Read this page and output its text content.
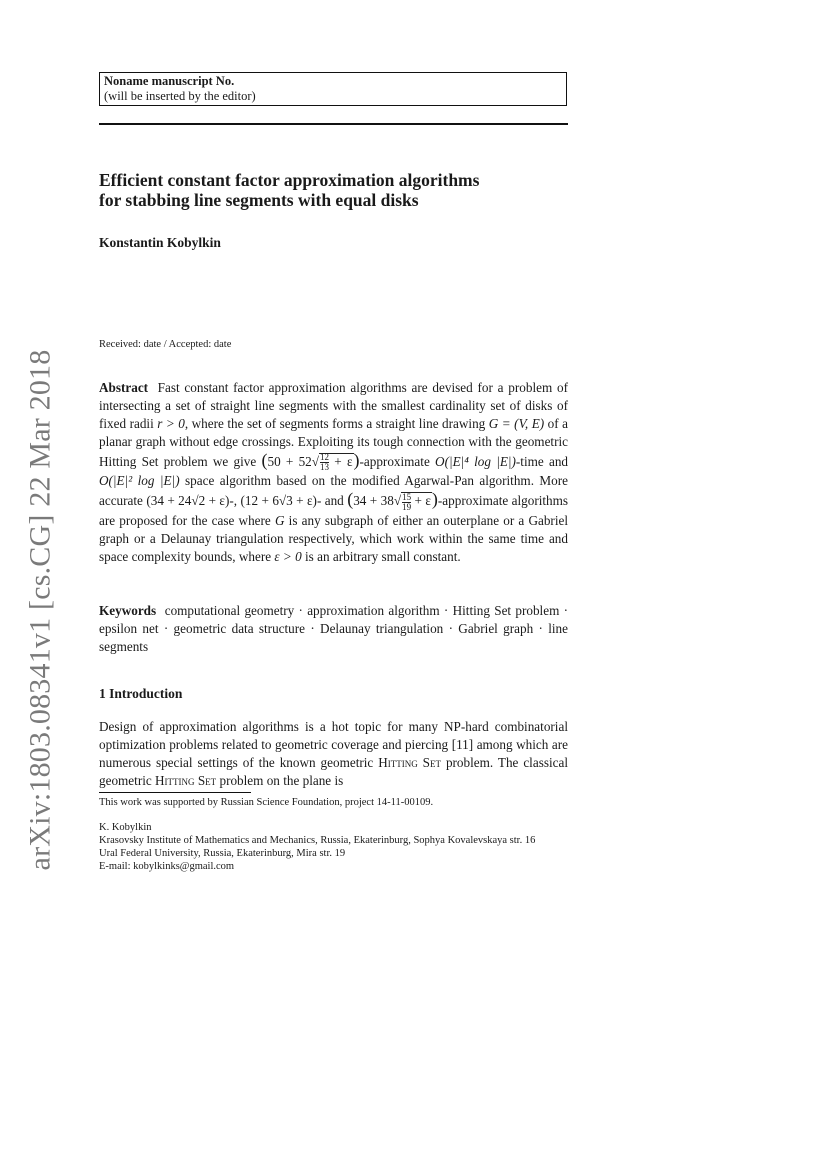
arXiv:1803.08341v1 [cs.CG] 22 Mar 2018
Noname manuscript No.
(will be inserted by the editor)
Efficient constant factor approximation algorithms
for stabbing line segments with equal disks
Konstantin Kobylkin
Received: date / Accepted: date

Abstract Fast constant factor approximation algorithms are devised for a problem of intersecting a set of straight line segments with the smallest cardinality set of disks of fixed radii r > 0, where the set of segments forms a straight line drawing G = (V, E) of a planar graph without edge crossings. Exploiting its tough connection with the geometric Hitting Set problem we give ($50 + 52√ \frac{12}{13}$ + ε)-approximate O(|E|⁴ log |E|)-time and O(|E|² log |E|) space algorithm based on the modified Agarwal-Pan algorithm. More accurate (34 + 24√2 + ε)-, (12 + 6√3 + ε)- and ($34 + 38√ \frac{15}{19}$ + ε)-approximate algorithms are proposed for the case where G is any subgraph of either an outerplane or a Gabriel graph or a Delaunay triangulation respectively, which work within the same time and space complexity bounds, where ε > 0 is an arbitrary small constant.

Keywords computational geometry · approximation algorithm · Hitting Set problem · epsilon net · geometric data structure · Delaunay triangulation · Gabriel graph · line segments

1 Introduction

Design of approximation algorithms is a hot topic for many NP-hard combinatorial optimization problems related to geometric coverage and piercing [11] among which are numerous special settings of the known geometric Hitting Set problem. The classical geometric Hitting Set problem on the plane is

This work was supported by Russian Science Foundation, project 14-11-00109.
K. Kobylkin
Krasovsky Institute of Mathematics and Mechanics, Russia, Ekaterinburg, Sophya Kovalevskaya str. 16
Ural Federal University, Russia, Ekaterinburg, Mira str. 19
E-mail: kobylkinks@gmail.com
